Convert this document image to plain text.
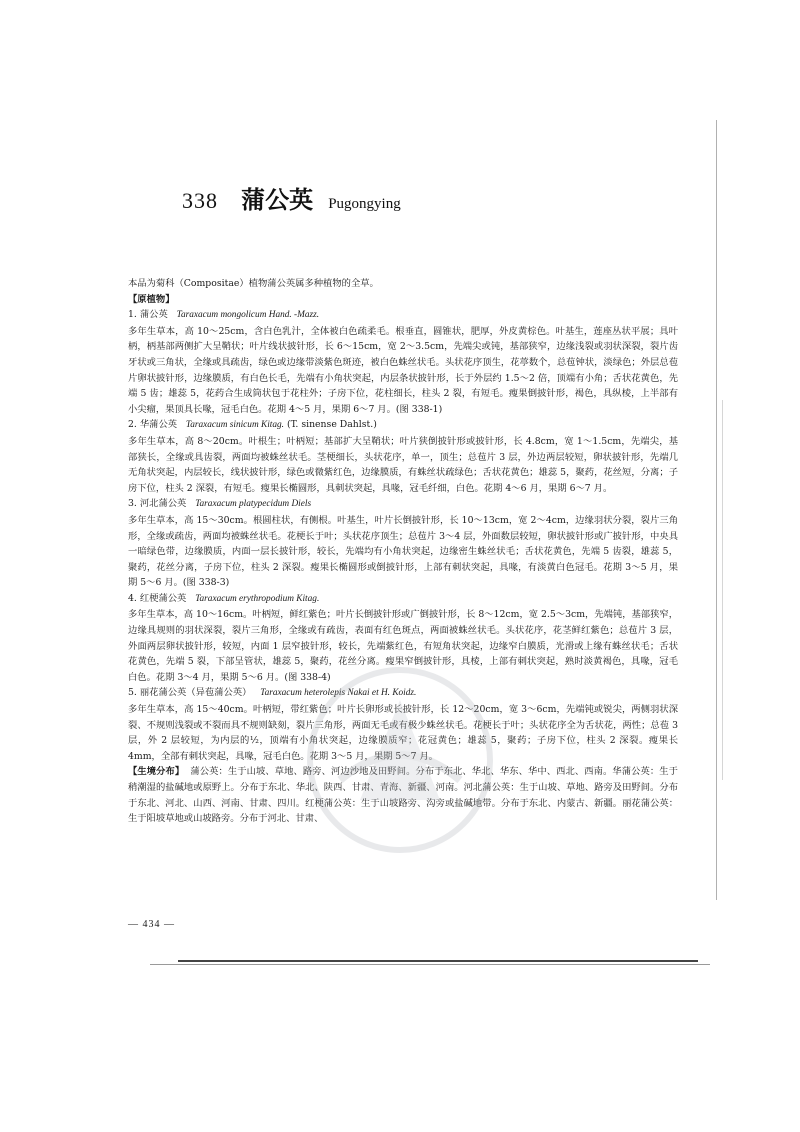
338 蒲公英 Pugongying

本品为菊科（Compositae）植物蒲公英属多种植物的全草。

【原植物】

1. 蒲公英 Taraxacum mongolicum Hand. -Mazz.

多年生草本，高 10～25cm，含白色乳汁，全体被白色疏柔毛。根垂直，圆锥状，肥厚，外皮黄棕色。叶基生，莲座丛状平展；具叶柄，柄基部两侧扩大呈鞘状；叶片线状披针形，长 6～15cm，宽 2～3.5cm，先端尖或钝，基部狭窄，边缘浅裂或羽状深裂，裂片齿牙状或三角状，全缘或具疏齿，绿色或边缘带淡紫色斑迹，被白色蛛丝状毛。头状花序顶生，花葶数个，总苞钟状，淡绿色；外层总苞片卵状披针形，边缘膜质，有白色长毛，先端有小角状突起，内层条状披针形，长于外层约 1.5～2 倍，顶端有小角；舌状花黄色，先端 5 齿；雄蕊 5，花药合生成筒状包于花柱外；子房下位，花柱细长，柱头 2 裂，有短毛。瘦果倒披针形，褐色，具纵棱，上半部有小尖瘤，果顶具长喙，冠毛白色。花期 4～5 月，果期 6～7 月。(图 338-1)

2. 华蒲公英 Taraxacum sinicum Kitag. (T. sinense Dahlst.)

多年生草本，高 8～20cm。叶根生；叶柄短；基部扩大呈鞘状；叶片狭倒披针形或披针形，长 4.8cm，宽 1～1.5cm，先端尖，基部狭长，全缘或具齿裂，两面均被蛛丝状毛。茎梗细长，头状花序，单一，顶生；总苞片 3 层，外边两层较短，卵状披针形，先端几无角状突起，内层较长，线状披针形，绿色或微紫红色，边缘膜质，有蛛丝状疏绿色；舌状花黄色；雄蕊 5，聚药，花丝短，分离；子房下位，柱头 2 深裂，有短毛。瘦果长椭圆形，具刺状突起，具喙，冠毛纤细，白色。花期 4～6 月，果期 6～7 月。

3. 河北蒲公英 Taraxacum platypecidum Diels

多年生草本，高 15～30cm。根圆柱状，有侧根。叶基生，叶片长倒披针形，长 10～13cm，宽 2～4cm，边缘羽状分裂，裂片三角形，全缘或疏齿，两面均被蛛丝状毛。花梗长于叶；头状花序顶生；总苞片 3～4 层，外面数层较短，卵状披针形或广披针形，中央具一暗绿色带，边缘膜质，内面一层长披针形，较长，先端均有小角状突起，边缘密生蛛丝状毛；舌状花黄色，先端 5 齿裂，雄蕊 5，聚药，花丝分离，子房下位，柱头 2 深裂。瘦果长椭圆形或倒披针形，上部有刺状突起，具喙，有淡黄白色冠毛。花期 3～5 月，果期 5～6 月。(图 338-3)

4. 红梗蒲公英 Taraxacum erythropodium Kitag.

多年生草本，高 10～16cm。叶柄短，鲜红紫色；叶片长倒披针形或广倒披针形，长 8～12cm，宽 2.5～3cm，先端钝，基部狭窄，边缘具规则的羽状深裂，裂片三角形，全缘或有疏齿，表面有红色斑点，两面被蛛丝状毛。头状花序，花茎鲜红紫色；总苞片 3 层，外面两层卵状披针形，较短，内面 1 层窄披针形，较长，先端紫红色，有短角状突起，边缘窄白膜质，光滑或上缘有蛛丝状毛；舌状花黄色，先端 5 裂，下部呈管状，雄蕊 5，聚药，花丝分离。瘦果窄倒披针形，具棱，上部有刺状突起，熟时淡黄褐色，具喙，冠毛白色。花期 3～4 月，果期 5～6 月。(图 338-4)

5. 丽花蒲公英（异苞蒲公英） Taraxacum heterolepis Nakai et H. Koidz.

多年生草本，高 15～40cm。叶柄短，带红紫色；叶片长卵形或长披针形，长 12～20cm，宽 3～6cm，先端钝或锐尖，两侧羽状深裂、不规则浅裂或不裂而具不规则缺刻，裂片三角形，两面无毛或有极少蛛丝状毛。花梗长于叶；头状花序全为舌状花，两性；总苞 3 层，外 2 层较短，为内层的½，顶端有小角状突起，边缘膜质窄；花冠黄色；雄蕊 5，聚药；子房下位，柱头 2 深裂。瘦果长 4mm，全部有刺状突起，具喙，冠毛白色。花期 3～5 月，果期 5～7 月。

【生境分布】 蒲公英：生于山坡、草地、路旁、河边沙地及田野间。分布于东北、华北、华东、华中、西北、西南。华蒲公英：生于稍潮湿的盐碱地或原野上。分布于东北、华北、陕西、甘肃、青海、新疆、河南。河北蒲公英：生于山坡、草地、路旁及田野间。分布于东北、河北、山西、河南、甘肃、四川。红梗蒲公英：生于山坡路旁、沟旁或盐碱地带。分布于东北、内蒙古、新疆。丽花蒲公英：生于阳坡草地或山坡路旁。分布于河北、甘肃、

— 434 —
